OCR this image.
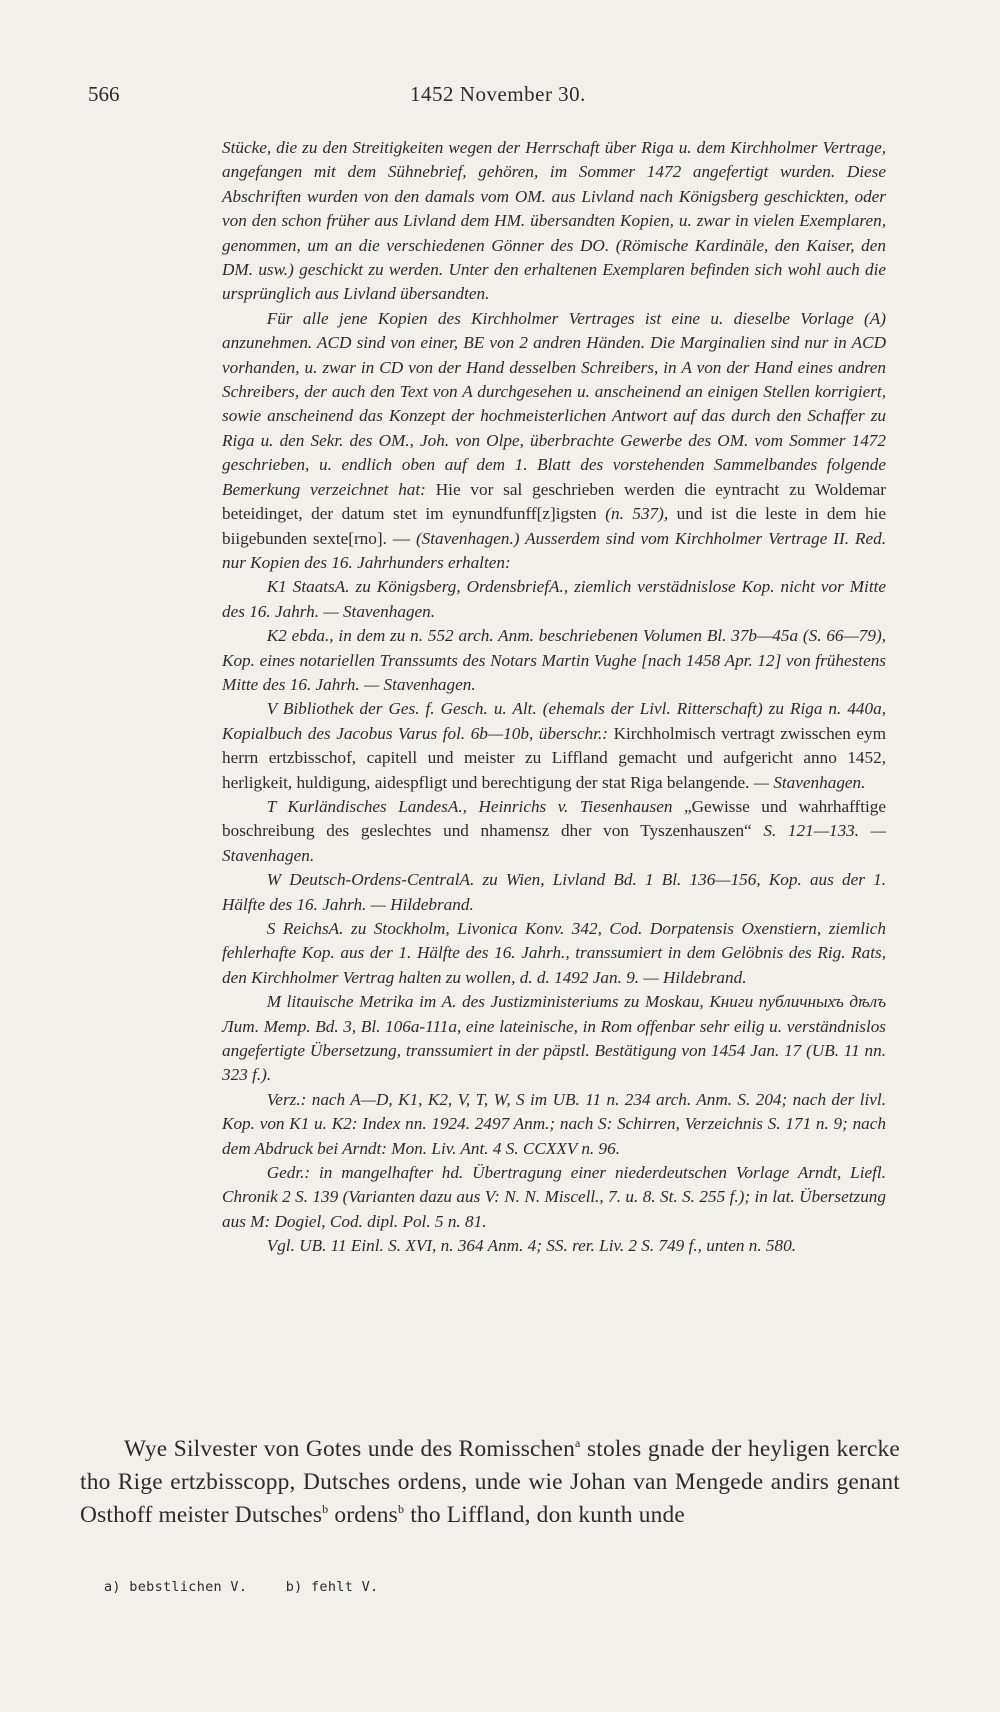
566	1452 November 30.

Stücke, die zu den Streitigkeiten wegen der Herrschaft über Riga u. dem Kirchholmer Vertrage, angefangen mit dem Sühnebrief, gehören, im Sommer 1472 angefertigt wurden. Diese Abschriften wurden von den damals vom OM. aus Livland nach Königsberg geschickten, oder von den schon früher aus Livland dem HM. übersandten Kopien, u. zwar in vielen Exemplaren, genommen, um an die verschiedenen Gönner des DO. (Römische Kardinäle, den Kaiser, den DM. usw.) geschickt zu werden. Unter den erhaltenen Exemplaren befinden sich wohl auch die ursprünglich aus Livland übersandten.

Für alle jene Kopien des Kirchholmer Vertrages ist eine u. dieselbe Vorlage (A) anzunehmen. ACD sind von einer, BE von 2 andren Händen. Die Marginalien sind nur in ACD vorhanden, u. zwar in CD von der Hand desselben Schreibers, in A von der Hand eines andren Schreibers, der auch den Text von A durchgesehen u. anscheinend an einigen Stellen korrigiert, sowie anscheinend das Konzept der hochmeisterlichen Antwort auf das durch den Schaffer zu Riga u. den Sekr. des OM., Joh. von Olpe, überbrachte Gewerbe des OM. vom Sommer 1472 geschrieben, u. endlich oben auf dem 1. Blatt des vorstehenden Sammelbandes folgende Bemerkung verzeichnet hat: Hie vor sal geschrieben werden die eyntracht zu Woldemar beteidinget, der datum stet im eynundfunff[z]igsten (n. 537), und ist die leste in dem hie biigebunden sexte[rno]. — (Stavenhagen.) Ausserdem sind vom Kirchholmer Vertrage II. Red. nur Kopien des 16. Jahrhunders erhalten:

K1 StaatsA. zu Königsberg, OrdensbriefA., ziemlich verstädnislose Kop. nicht vor Mitte des 16. Jahrh. — Stavenhagen.

K2 ebda., in dem zu n. 552 arch. Anm. beschriebenen Volumen Bl. 37b—45a (S. 66—79), Kop. eines notariellen Transsumts des Notars Martin Vughe [nach 1458 Apr. 12] von frühestens Mitte des 16. Jahrh. — Stavenhagen.

V Bibliothek der Ges. f. Gesch. u. Alt. (ehemals der Livl. Ritterschaft) zu Riga n. 440a, Kopialbuch des Jacobus Varus fol. 6b—10b, überschr.: Kirchholmisch vertragt zwisschen eym herrn ertzbisschof, capitell und meister zu Liffland gemacht und aufgericht anno 1452, herligkeit, huldigung, aidespfligt und berechtigung der stat Riga belangende. — Stavenhagen.

T Kurländisches LandesA., Heinrichs v. Tiesenhausen „Gewisse und wahrhafftige boschreibung des geslechtes und nhamensz dher von Tyszenhauszen“ S. 121—133. — Stavenhagen.

W Deutsch-Ordens-CentralA. zu Wien, Livland Bd. 1 Bl. 136—156, Kop. aus der 1. Hälfte des 16. Jahrh. — Hildebrand.

S ReichsA. zu Stockholm, Livonica Konv. 342, Cod. Dorpatensis Oxenstiern, ziemlich fehlerhafte Kop. aus der 1. Hälfte des 16. Jahrh., transsumiert in dem Gelöbnis des Rig. Rats, den Kirchholmer Vertrag halten zu wollen, d. d. 1492 Jan. 9. — Hildebrand.

M litauische Metrika im A. des Justizministeriums zu Moskau, Книги публичныхъ дѣлъ Лит. Метр. Bd. 3, Bl. 106a-111a, eine lateinische, in Rom offenbar sehr eilig u. verständnislos angefertigte Übersetzung, transsumiert in der päpstl. Bestätigung von 1454 Jan. 17 (UB. 11 nn. 323 f.).

Verz.: nach A—D, K1, K2, V, T, W, S im UB. 11 n. 234 arch. Anm. S. 204; nach der livl. Kop. von K1 u. K2: Index nn. 1924. 2497 Anm.; nach S: Schirren, Verzeichnis S. 171 n. 9; nach dem Abdruck bei Arndt: Mon. Liv. Ant. 4 S. CCXXV n. 96.

Gedr.: in mangelhafter hd. Übertragung einer niederdeutschen Vorlage Arndt, Liefl. Chronik 2 S. 139 (Varianten dazu aus V: N. N. Miscell., 7. u. 8. St. S. 255 f.); in lat. Übersetzung aus M: Dogiel, Cod. dipl. Pol. 5 n. 81.

Vgl. UB. 11 Einl. S. XVI, n. 364 Anm. 4; SS. rer. Liv. 2 S. 749 f., unten n. 580.

Wye Silvester von Gotes unde des Romisschen$^a$ stoles gnade der heyligen kercke tho Rige ertzbisscopp, Dutsches ordens, unde wie Johan van Mengede andirs genant Osthoff meister Dutsches$^b$ ordens$^b$ tho Liffland, don kunth unde

a) bebstlichen V.	b) fehlt V.
